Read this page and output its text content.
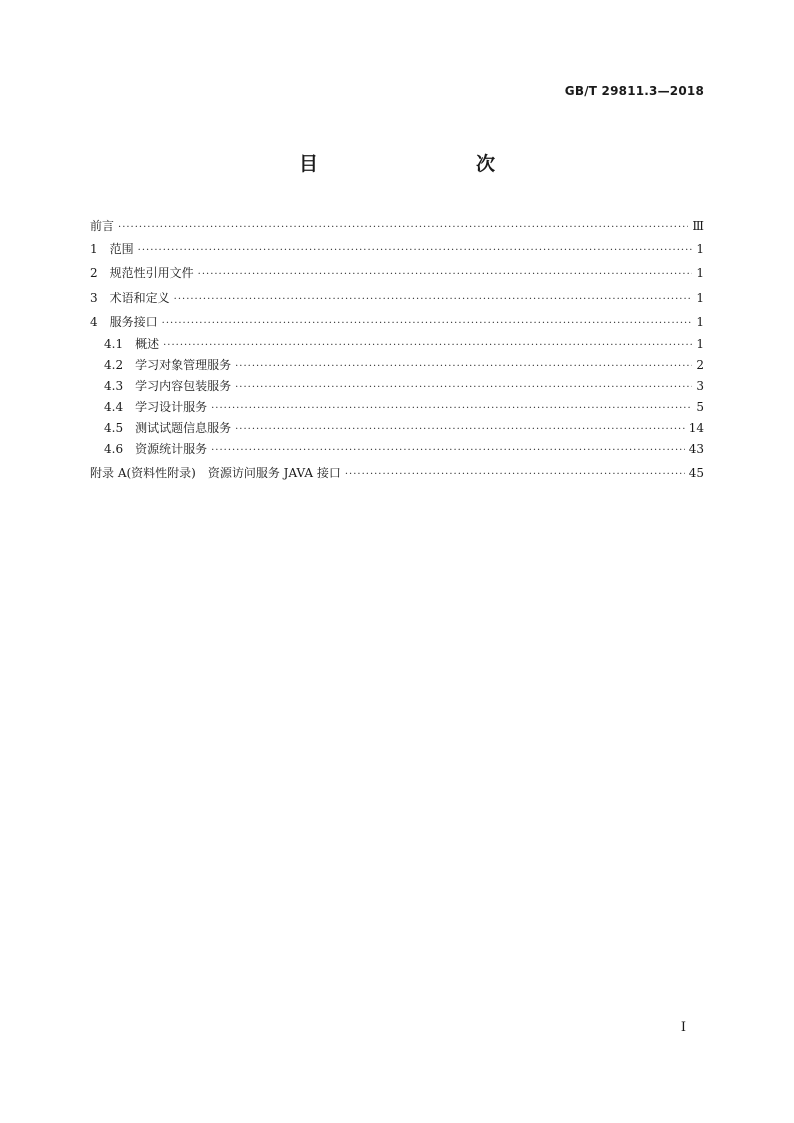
GB/T 29811.3—2018
目　　次
前言 ·····	Ⅲ
1	范围 ·····	1
2	规范性引用文件 ·····	1
3	术语和定义 ·····	1
4	服务接口 ·····	1
4.1	概述 ·····	1
4.2	学习对象管理服务 ·····	2
4.3	学习内容包装服务 ·····	3
4.4	学习设计服务 ·····	5
4.5	测试试题信息服务 ·····	14
4.6	资源统计服务 ·····	43
附录 A(资料性附录)　资源访问服务 JAVA 接口 ·····	45
Ⅰ
